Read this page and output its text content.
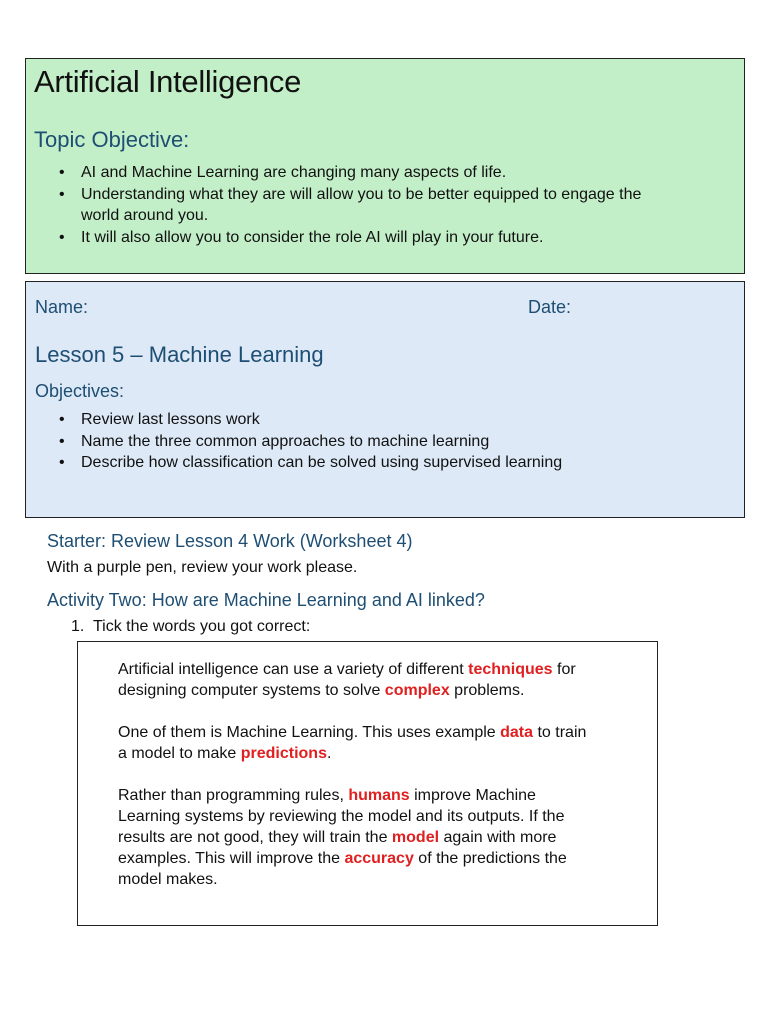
Artificial Intelligence
Topic Objective:
• AI and Machine Learning are changing many aspects of life.
• Understanding what they are will allow you to be better equipped to engage the
world around you.
• It will also allow you to consider the role AI will play in your future.
Name:	Date:
Lesson 5 – Machine Learning
Objectives:
• Review last lessons work
• Name the three common approaches to machine learning
• Describe how classification can be solved using supervised learning
Starter: Review Lesson 4 Work (Worksheet 4)
With a purple pen, review your work please.
Activity Two: How are Machine Learning and AI linked?
1. Tick the words you got correct:

Artificial intelligence can use a variety of different techniques for
designing computer systems to solve complex problems.

One of them is Machine Learning. This uses example data to train
a model to make predictions.

Rather than programming rules, humans improve Machine
Learning systems by reviewing the model and its outputs. If the
results are not good, they will train the model again with more
examples. This will improve the accuracy of the predictions the
model makes.
